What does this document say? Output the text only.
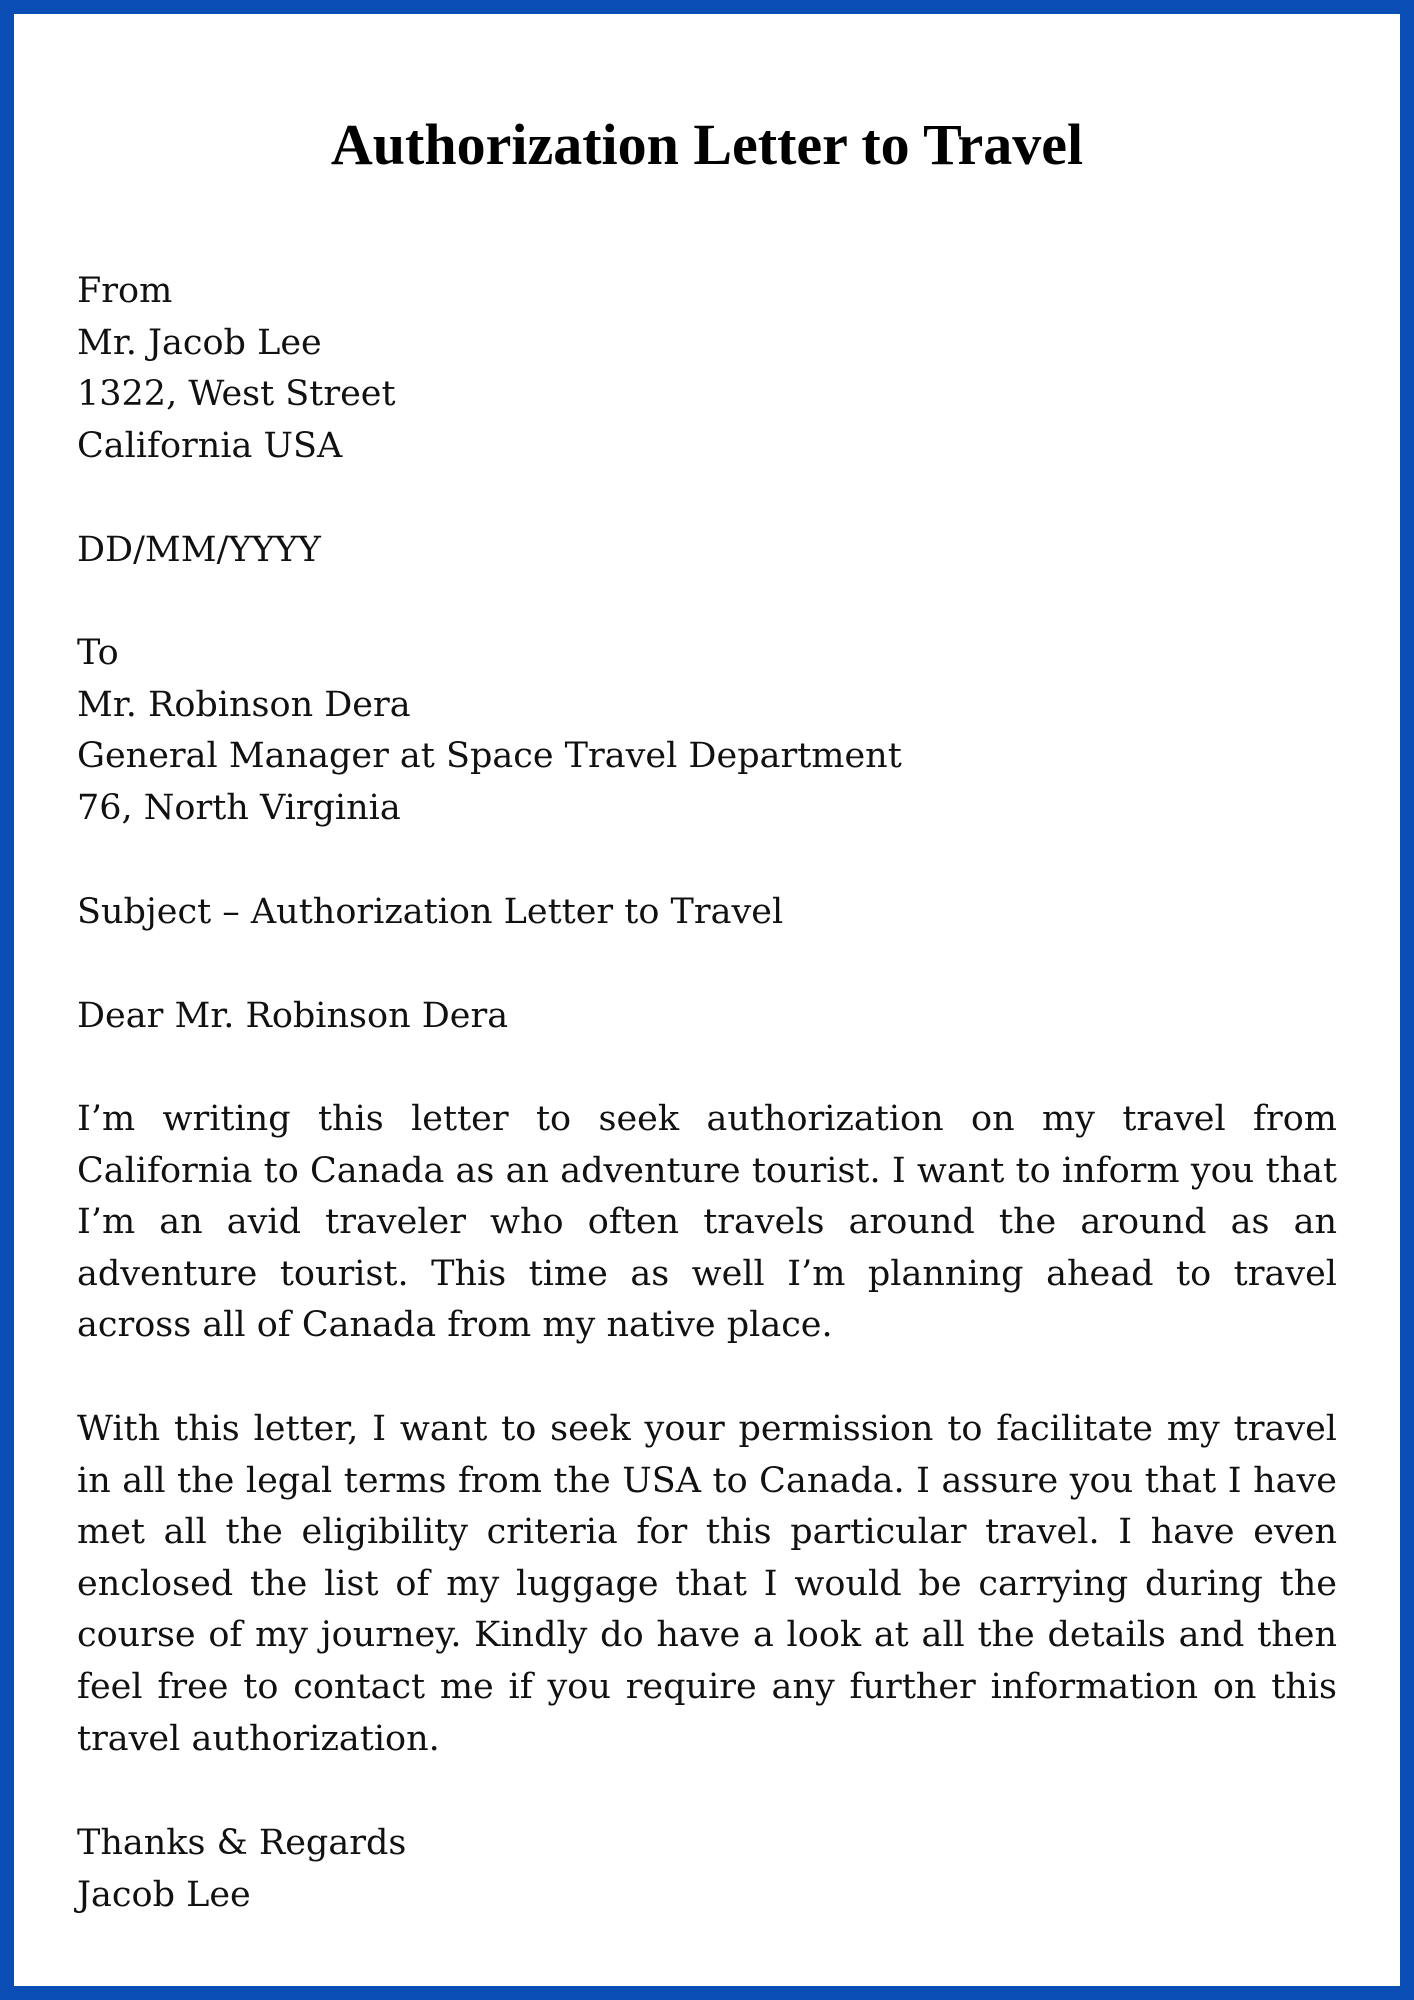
Authorization Letter to Travel
From
Mr. Jacob Lee
1322, West Street
California USA
DD/MM/YYYY
To
Mr. Robinson Dera
General Manager at Space Travel Department
76, North Virginia
Subject – Authorization Letter to Travel
Dear Mr. Robinson Dera
I’m writing this letter to seek authorization on my travel from California to Canada as an adventure tourist. I want to inform you that I’m an avid traveler who often travels around the around as an adventure tourist. This time as well I’m planning ahead to travel across all of Canada from my native place.
With this letter, I want to seek your permission to facilitate my travel in all the legal terms from the USA to Canada. I assure you that I have met all the eligibility criteria for this particular travel. I have even enclosed the list of my luggage that I would be carrying during the course of my journey. Kindly do have a look at all the details and then feel free to contact me if you require any further information on this travel authorization.
Thanks & Regards
Jacob Lee
